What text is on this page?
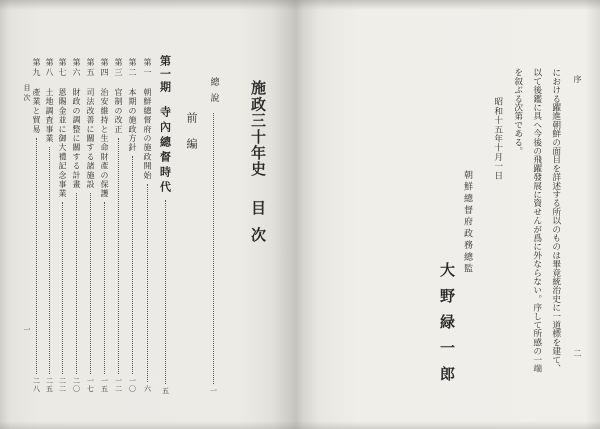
目次
一
施政三十年史
目次
總說
一
前編
第一期
寺內總督時代
五
第一
朝鮮總督府の施政開始
六
第二
本期の施政方針
一〇
第三
官制の改正
一二
第四
治安維持と生命財產の保護
一五
第五
司法改善に關する諸施設
一七
第六
財政の調整に關する計畫
二〇
第七
恩賜金並に御大禮記念事業
二二
第八
土地調査事業
二五
第九
產業と貿易
二八
序
二
における躍進朝鮮の面目を詳述する所以のものは畢竟統治史に一道標を建て、
以て後鑑に具へ今後の飛躍發展に資せんが爲に外ならない。序して所感の一端
を叙ぶる次第である。
昭和十五年十月一日
朝鮮總督府政務總監
大野緑一郎
